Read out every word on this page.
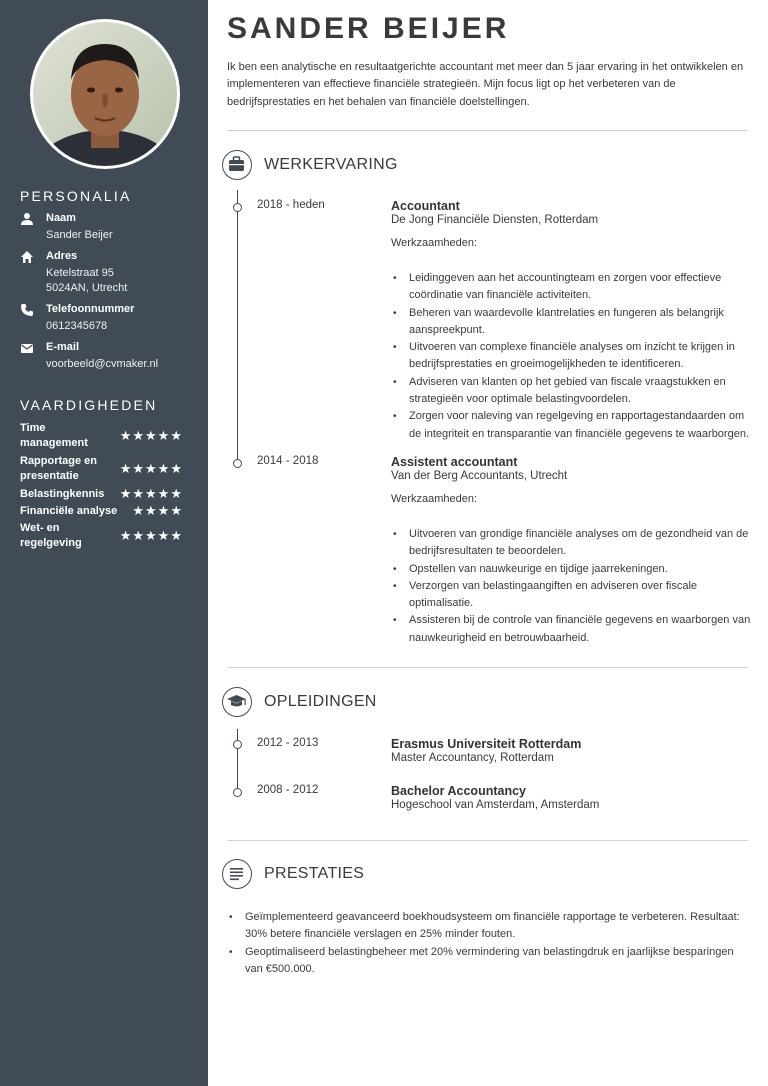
PERSONALIA
Naam
Sander Beijer
Adres
Ketelstraat 95
5024AN, Utrecht
Telefoonnummer
0612345678
E-mail
voorbeeld@cvmaker.nl
VAARDIGHEDEN
Time
management ★★★★★
Rapportage en
presentatie	★★★★★
Belastingkennis ★★★★★
Financiële analyse ★★★★
Wet- en
regelgeving	★★★★★
SANDER BEIJER

Ik ben een analytische en resultaatgerichte accountant met meer dan 5 jaar ervaring in het ontwikkelen en implementeren van effectieve financiële strategieën. Mijn focus ligt op het verbeteren van de bedrijfsprestaties en het behalen van financiële doelstellingen.

WERKERVARING
2018 - heden	Accountant
De Jong Financiële Diensten, Rotterdam
Werkzaamheden:
• Leidinggeven aan het accountingteam en zorgen voor effectieve coördinatie van financiële activiteiten.
• Beheren van waardevolle klantrelaties en fungeren als belangrijk aanspreekpunt.
• Uitvoeren van complexe financiële analyses om inzicht te krijgen in bedrijfsprestaties en groeimogelijkheden te identificeren.
• Adviseren van klanten op het gebied van fiscale vraagstukken en strategieën voor optimale belastingvoordelen.
• Zorgen voor naleving van regelgeving en rapportagestandaarden om de integriteit en transparantie van financiële gegevens te waarborgen.
2014 - 2018	Assistent accountant
Van der Berg Accountants, Utrecht
Werkzaamheden:
• Uitvoeren van grondige financiële analyses om de gezondheid van de bedrijfsresultaten te beoordelen.
• Opstellen van nauwkeurige en tijdige jaarrekeningen.
• Verzorgen van belastingaangiften en adviseren over fiscale optimalisatie.
• Assisteren bij de controle van financiële gegevens en waarborgen van nauwkeurigheid en betrouwbaarheid.
OPLEIDINGEN
2012 - 2013	Erasmus Universiteit Rotterdam
Master Accountancy, Rotterdam
2008 - 2012	Bachelor Accountancy
Hogeschool van Amsterdam, Amsterdam
PRESTATIES
• Geïmplementeerd geavanceerd boekhoudsysteem om financiële rapportage te verbeteren. Resultaat: 30% betere financiële verslagen en 25% minder fouten.
• Geoptimaliseerd belastingbeheer met 20% vermindering van belastingdruk en jaarlijkse besparingen van €500.000.
